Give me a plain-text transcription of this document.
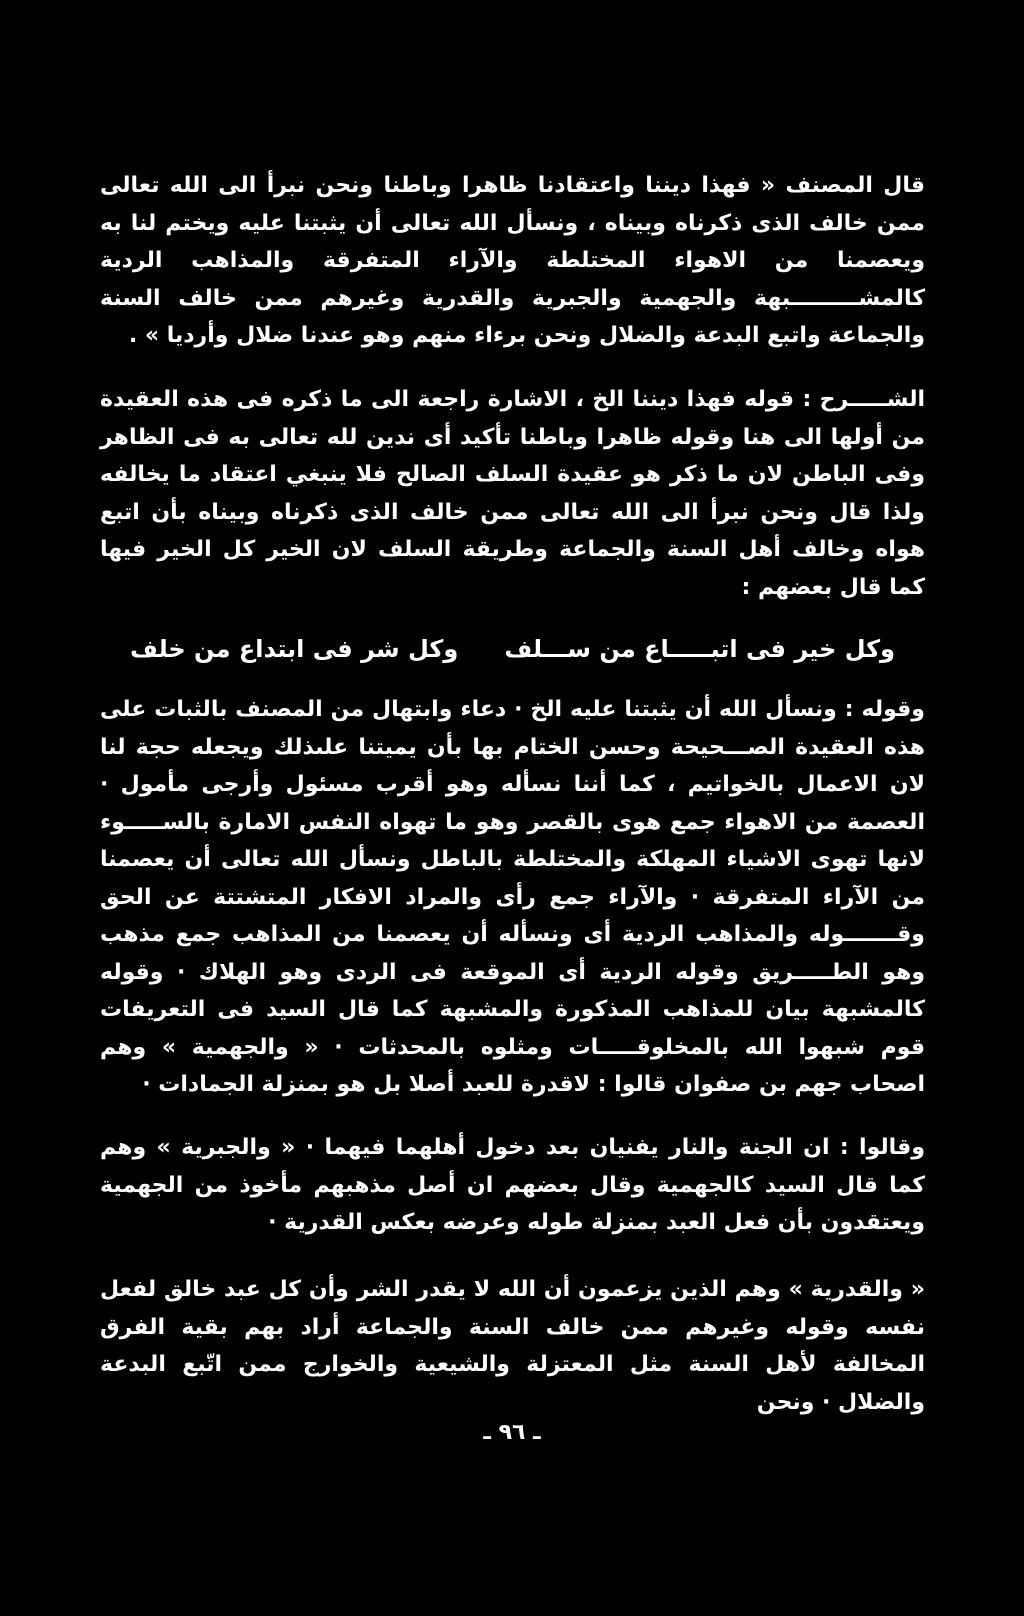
قال المصنف « فهذا ديننا واعتقادنا ظاهرا وباطنا ونحن نبرأ الى الله تعالى ممن خالف الذى ذكرناه وبيناه ، ونسأل الله تعالى أن يثبتنا عليه ويختم لنا به ويعصمنا من الاهواء المختلطة والآراء المتفرقة والمذاهب الردية كالمشـــــــــبهة والجهمية والجبرية والقدرية وغيرهم ممن خالف السنة والجماعة واتبع البدعة والضلال ونحن برءاء منهم وهو عندنا ضلال وأرديا » .

الشـــــرح : قوله فهذا ديننا الخ ، الاشارة راجعة الى ما ذكره فى هذه العقيدة من أولها الى هنا وقوله ظاهرا وباطنا تأكيد أى ندين لله تعالى به فى الظاهر وفى الباطن لان ما ذكر هو عقيدة السلف الصالح فلا ينبغي اعتقاد ما يخالفه ولذا قال ونحن نبرأ الى الله تعالى ممن خالف الذى ذكرناه وبيناه بأن اتبع هواه وخالف أهل السنة والجماعة وطريقة السلف لان الخير كل الخير فيها كما قال بعضهم :

وكل خير فى اتبـــــاع من ســـلف
وكل شر فى ابتداع من خلف

وقوله : ونسأل الله أن يثبتنا عليه الخ · دعاء وابتهال من المصنف بالثبات على هذه العقيدة الصـــحيحة وحسن الختام بها بأن يميتنا علىذلك ويجعله حجة لنا لان الاعمال بالخواتيم ، كما أننا نسأله وهو أقرب مسئول وأرجى مأمول · العصمة من الاهواء جمع هوى بالقصر وهو ما تهواه النفس الامارة بالســـــوء لانها تهوى الاشياء المهلكة والمختلطة بالباطل ونسأل الله تعالى أن يعصمنا من الآراء المتفرقة · والآراء جمع رأى والمراد الافكار المتشتتة عن الحق وقـــــــوله والمذاهب الردية أى ونسأله أن يعصمنا من المذاهب جمع مذهب وهو الطـــــريق وقوله الردية أى الموقعة فى الردى وهو الهلاك · وقوله كالمشبهة بيان للمذاهب المذكورة والمشبهة كما قال السيد فى التعريفات قوم شبهوا الله بالمخلوقـــــات ومثلوه بالمحدثات · « والجهمية » وهم اصحاب جهم بن صفوان قالوا : لاقدرة للعبد أصلا بل هو بمنزلة الجمادات ·

وقالوا : ان الجنة والنار يفنيان بعد دخول أهلهما فيهما · « والجبرية » وهم كما قال السيد كالجهمية وقال بعضهم ان أصل مذهبهم مأخوذ من الجهمية ويعتقدون بأن فعل العبد بمنزلة طوله وعرضه بعكس القدرية ·

« والقدرية » وهم الذين يزعمون أن الله لا يقدر الشر وأن كل عبد خالق لفعل نفسه وقوله وغيرهم ممن خالف السنة والجماعة أراد بهم بقية الفرق المخالفة لأهل السنة مثل المعتزلة والشيعية والخوارج ممن اتّبع البدعة والضلال · ونحن

ـ ٩٦ ـ
